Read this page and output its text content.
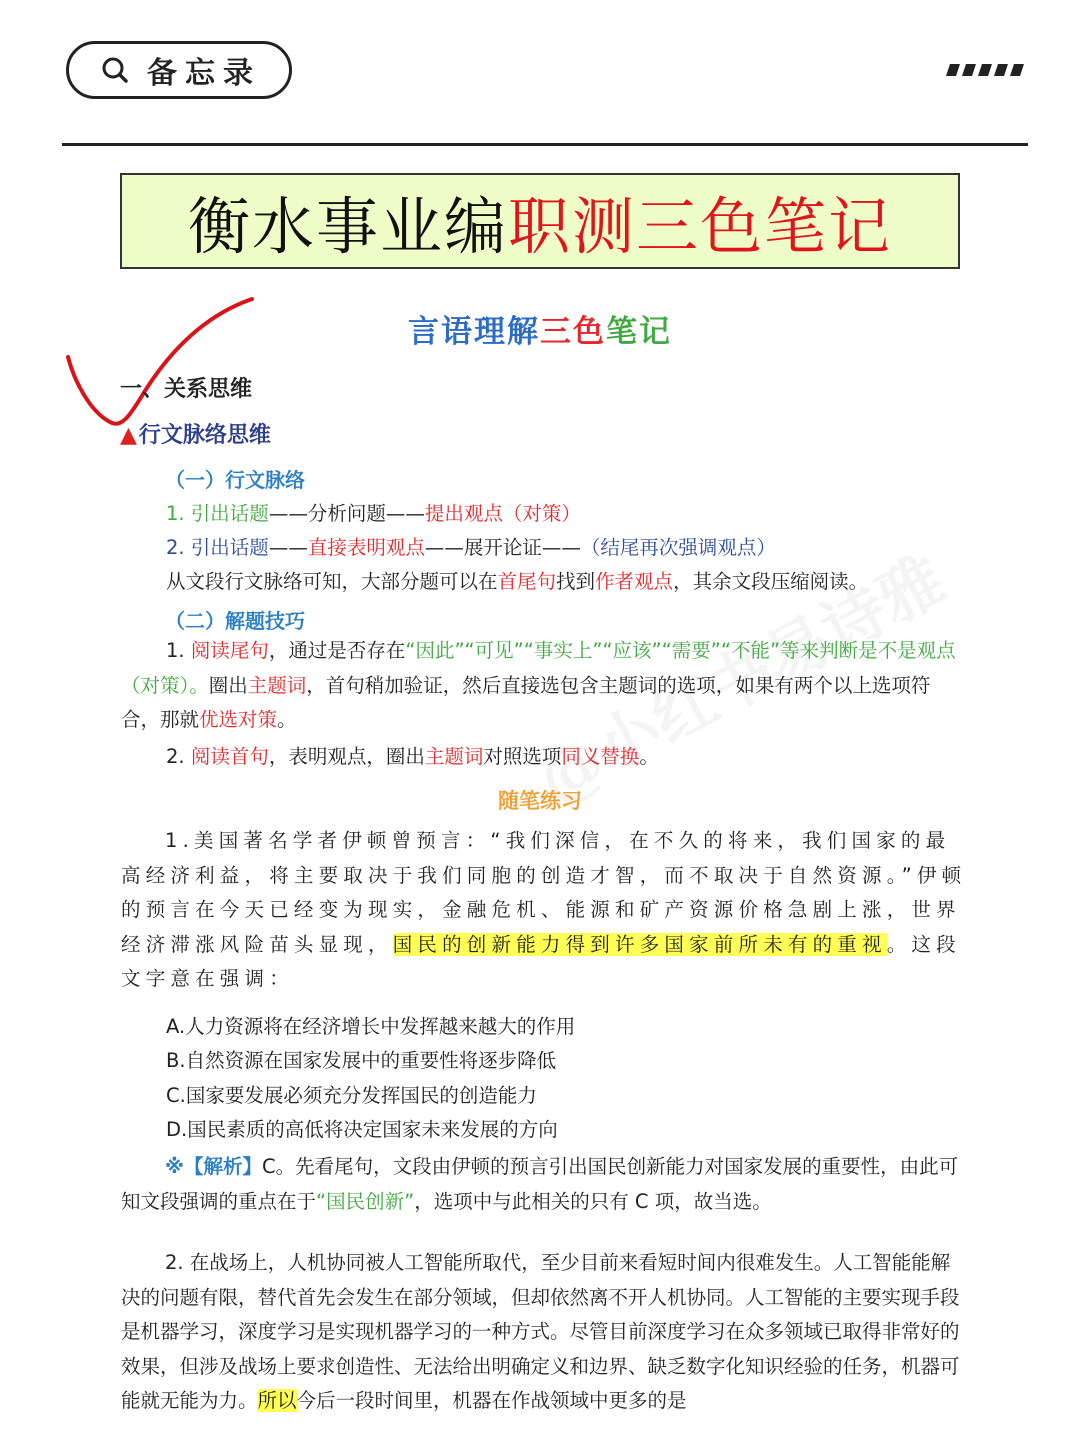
备忘录
衡水事业编 职测三色笔记
言语理解三色笔记
一、关系思维
▲行文脉络思维
（一）行文脉络
1. 引出话题——分析问题——提出观点（对策）
2. 引出话题——直接表明观点——展开论证——（结尾再次强调观点）
从文段行文脉络可知，大部分题可以在首尾句找到作者观点，其余文段压缩阅读。
（二）解题技巧
1. 阅读尾句，通过是否存在“因此”“可见”“事实上”“应该”“需要”“不能”等来判断是不是观点（对策）。圈出主题词，首句稍加验证，然后直接选包含主题词的选项，如果有两个以上选项符合，那就优选对策。
2. 阅读首句，表明观点，圈出主题词对照选项同义替换。
随笔练习
1.美国著名学者伊顿曾预言：“我们深信，在不久的将来，我们国家的最高经济利益，将主要取决于我们同胞的创造才智，而不取决于自然资源。”伊顿的预言在今天已经变为现实，金融危机、能源和矿产资源价格急剧上涨，世界经济滞涨风险苗头显现，国民的创新能力得到许多国家前所未有的重视。这段文字意在强调：
A.人力资源将在经济增长中发挥越来越大的作用
B.自然资源在国家发展中的重要性将逐步降低
C.国家要发展必须充分发挥国民的创造能力
D.国民素质的高低将决定国家未来发展的方向
※【解析】C。先看尾句，文段由伊顿的预言引出国民创新能力对国家发展的重要性，由此可知文段强调的重点在于“国民创新”，选项中与此相关的只有 C 项，故当选。
2. 在战场上，人机协同被人工智能所取代，至少目前来看短时间内很难发生。人工智能能解决的问题有限，替代首先会发生在部分领域，但却依然离不开人机协同。人工智能的主要实现手段是机器学习，深度学习是实现机器学习的一种方式。尽管目前深度学习在众多领域已取得非常好的效果，但涉及战场上要求创造性、无法给出明确定义和边界、缺乏数字化知识经验的任务，机器可能就无能为力。所以今后一段时间里，机器在作战领域中更多的是
